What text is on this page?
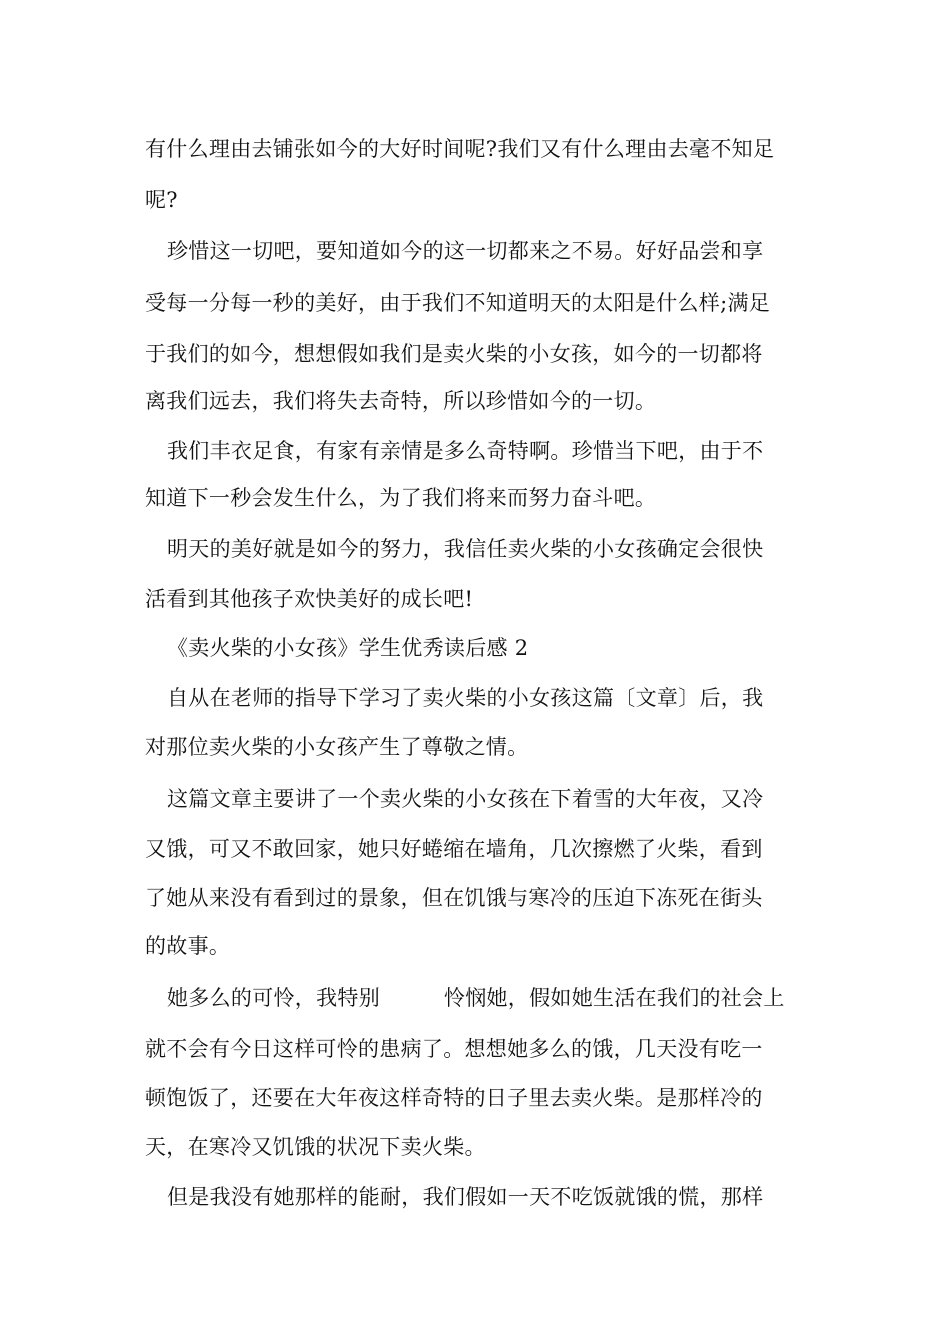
有什么理由去铺张如今的大好时间呢?我们又有什么理由去毫不知足
呢?
珍惜这一切吧，要知道如今的这一切都来之不易。好好品尝和享
受每一分每一秒的美好，由于我们不知道明天的太阳是什么样;满足
于我们的如今，想想假如我们是卖火柴的小女孩，如今的一切都将
离我们远去，我们将失去奇特，所以珍惜如今的一切。
我们丰衣足食，有家有亲情是多么奇特啊。珍惜当下吧，由于不
知道下一秒会发生什么，为了我们将来而努力奋斗吧。
明天的美好就是如今的努力，我信任卖火柴的小女孩确定会很快
活看到其他孩子欢快美好的成长吧!
《卖火柴的小女孩》学生优秀读后感 2
自从在老师的指导下学习了卖火柴的小女孩这篇〔文章〕后，我
对那位卖火柴的小女孩产生了尊敬之情。
这篇文章主要讲了一个卖火柴的小女孩在下着雪的大年夜，又冷
又饿，可又不敢回家，她只好蜷缩在墙角，几次擦燃了火柴，看到
了她从来没有看到过的景象，但在饥饿与寒冷的压迫下冻死在街头
的故事。
她多么的可怜，我特别　　　怜悯她，假如她生活在我们的社会上
就不会有今日这样可怜的患病了。想想她多么的饿，几天没有吃一
顿饱饭了，还要在大年夜这样奇特的日子里去卖火柴。是那样冷的
天，在寒冷又饥饿的状况下卖火柴。
但是我没有她那样的能耐，我们假如一天不吃饭就饿的慌，那样
